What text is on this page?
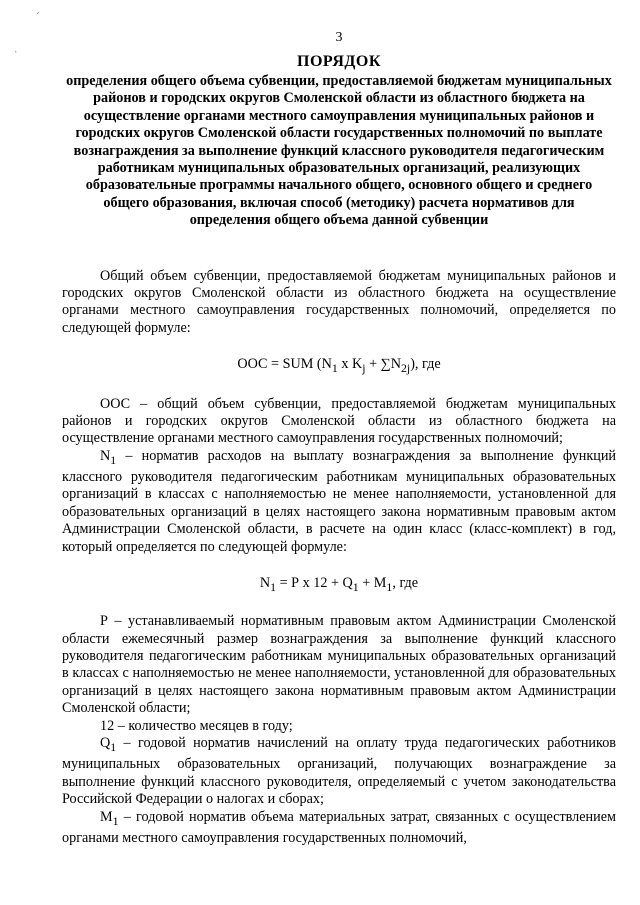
ˊ
ˌ
3
ПОРЯДОК
определения общего объема субвенции, предоставляемой бюджетам муниципальных районов и городских округов Смоленской области из областного бюджета на осуществление органами местного самоуправления муниципальных районов и городских округов Смоленской области государственных полномочий по выплате вознаграждения за выполнение функций классного руководителя педагогическим работникам муниципальных образовательных организаций, реализующих образовательные программы начального общего, основного общего и среднего общего образования, включая способ (методику) расчета нормативов для определения общего объема данной субвенции

Общий объем субвенции, предоставляемой бюджетам муниципальных районов и городских округов Смоленской области из областного бюджета на осуществление органами местного самоуправления государственных полномочий, определяется по следующей формуле:

ООС = SUM ($N_1$ x $K_j + \sum N_{2j}$), где

ООС – общий объем субвенции, предоставляемой бюджетам муниципальных районов и городских округов Смоленской области из областного бюджета на осуществление органами местного самоуправления государственных полномочий;

$N_1$ – норматив расходов на выплату вознаграждения за выполнение функций классного руководителя педагогическим работникам муниципальных образовательных организаций в классах с наполняемостью не менее наполняемости, установленной для образовательных организаций в целях настоящего закона нормативным правовым актом Администрации Смоленской области, в расчете на один класс (класс-комплект) в год, который определяется по следующей формуле:

$N_1 = Р$ x $12 + Q_1 + M_1$, где

Р – устанавливаемый нормативным правовым актом Администрации Смоленской области ежемесячный размер вознаграждения за выполнение функций классного руководителя педагогическим работникам муниципальных образовательных организаций в классах с наполняемостью не менее наполняемости, установленной для образовательных организаций в целях настоящего закона нормативным правовым актом Администрации Смоленской области;

12 – количество месяцев в году;

$Q_1$ – годовой норматив начислений на оплату труда педагогических работников муниципальных образовательных организаций, получающих вознаграждение за выполнение функций классного руководителя, определяемый с учетом законодательства Российской Федерации о налогах и сборах;

$M_1$ – годовой норматив объема материальных затрат, связанных с осуществлением органами местного самоуправления государственных полномочий,
